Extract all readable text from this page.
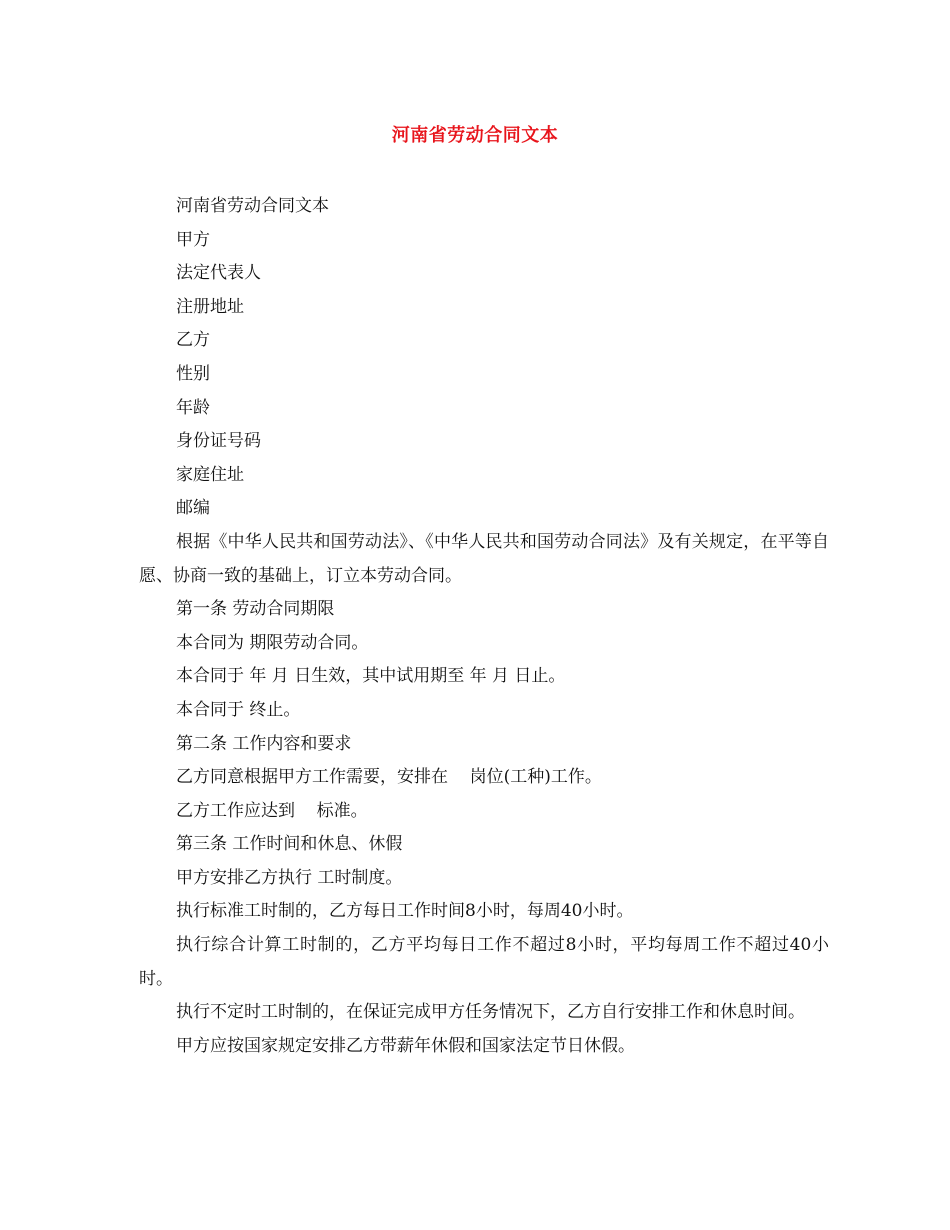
河南省劳动合同文本

河南省劳动合同文本

甲方

法定代表人

注册地址

乙方

性别

年龄

身份证号码

家庭住址

邮编

根据《中华人民共和国劳动法》、《中华人民共和国劳动合同法》及有关规定，在平等自愿、协商一致的基础上，订立本劳动合同。

第一条 劳动合同期限

本合同为 期限劳动合同。

本合同于 年 月 日生效，其中试用期至 年 月 日止。

本合同于 终止。

第二条 工作内容和要求

乙方同意根据甲方工作需要，安排在    岗位(工种)工作。

乙方工作应达到    标准。

第三条 工作时间和休息、休假

甲方安排乙方执行 工时制度。

执行标准工时制的，乙方每日工作时间8小时，每周40小时。

执行综合计算工时制的，乙方平均每日工作不超过8小时，平均每周工作不超过40小时。

执行不定时工时制的，在保证完成甲方任务情况下，乙方自行安排工作和休息时间。

甲方应按国家规定安排乙方带薪年休假和国家法定节日休假。
